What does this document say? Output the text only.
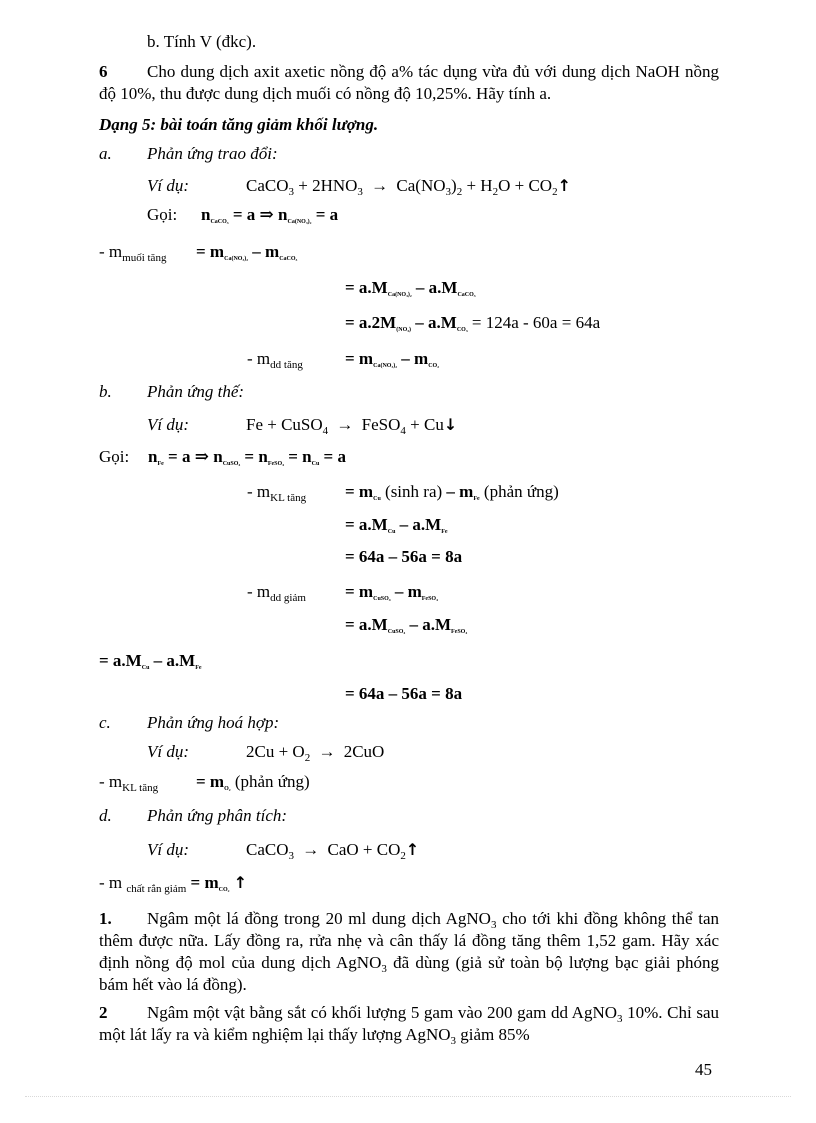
b. Tính V (đkc).
6	Cho dung dịch axit axetic nồng độ a% tác dụng vừa đủ với dung dịch NaOH nồng độ 10%, thu được dung dịch muối có nồng độ 10,25%. Hãy tính a.
Dạng 5: bài toán tăng giảm khối lượng.
a. Phản ứng trao đổi:
Ví dụ:	CaCO$_3$ + $2HNO_3 \to Ca(NO_3)_2 + H_2O$ + $CO_2↑$
Gọi: nCaCO₃ = a ⇒ nCa(NO₃)₂ = a
- $m_{muối tăng} = mCa(NO_3)_2$ – mCaCO₃
= a.MCa(NO₃)₂ – a.MCaCO₃
= a.2M(NO₃) – a.MCO₃ = 124a - 60a = 64a
- $m_{dd tăng} = mCa(NO_3)_2 - mCO_2$
b. Phản ứng thế:
Ví dụ:	Fe + CuSO$_4$ → FeSO$_4$ + Cu↓
Gọi: nFe = a ⇒ nCuSO₄ = nFeSO₄ = nCu = a
- $m_{KL tăng}$ = mCu (sinh ra) – mFe (phản ứng)
= a.MCu – a.MFe
= 64a – 56a = 8a
- $m_{dd giảm}$ = mCuSO₄ – mFeSO₄
= a.MCuSO₄ – a.MFeSO₄
= a.MCu – a.MFe
= 64a – 56a = 8a
c. Phản ứng hoá hợp:
Ví dụ:	$2Cu + O_2 \to 2CuO$
- $m_{KL tăng} = mO_2$ (phản ứng)
d. Phản ứng phân tích:
Ví dụ:	CaCO$_3$ → CaO + $CO_2↑$
- m $_{chất rắn giảm}$ = mCO₂ ↑
1.	Ngâm một lá đồng trong 20 ml dung dịch AgNO$_3$ cho tới khi đồng không thể tan thêm được nữa. Lấy đồng ra, rửa nhẹ và cân thấy lá đồng tăng thêm 1,52 gam. Hãy xác định nồng độ mol của dung dịch AgNO$_3$ đã dùng (giả sử toàn bộ lượng bạc giải phóng bám hết vào lá đồng).
2	Ngâm một vật bằng sắt có khối lượng 5 gam vào 200 gam dd AgNO$_3$ 10%. Chỉ sau một lát lấy ra và kiểm nghiệm lại thấy lượng AgNO$_3$ giảm 85%
45
